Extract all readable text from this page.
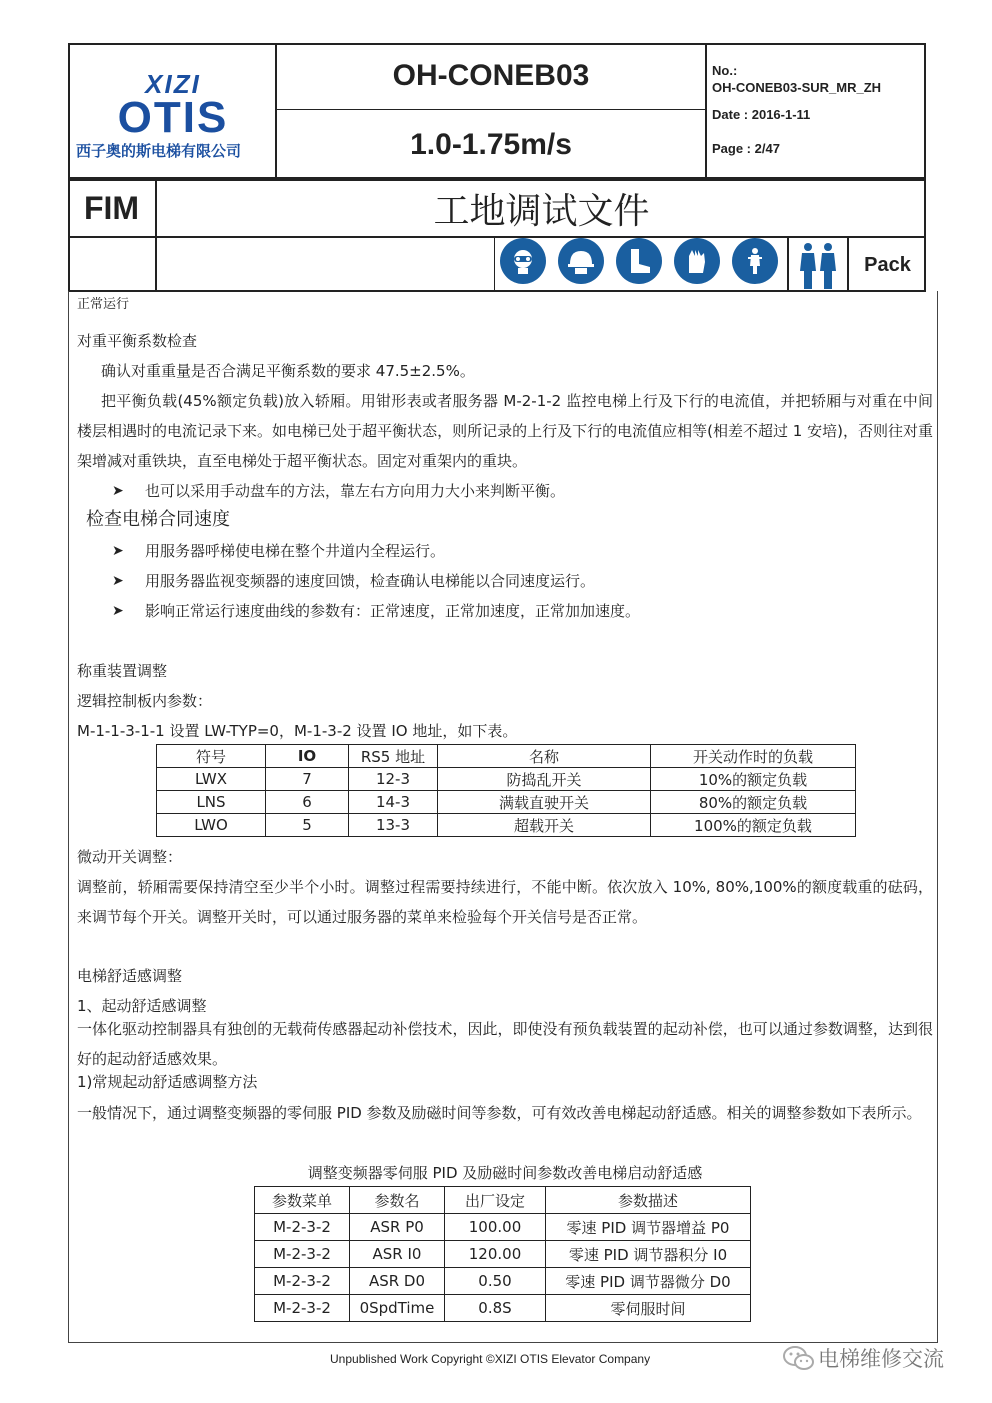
XIZI
OTIS
西子奥的斯电梯有限公司
OH-CONEB03
1.0-1.75m/s
No.:
OH-CONEB03-SUR_MR_ZH
Date : 2016-1-11
Page : 2/47
FIM	工地调试文件
Pack
正常运行
对重平衡系数检查
确认对重重量是否合满足平衡系数的要求 47.5±2.5%。
把平衡负载(45%额定负载)放入轿厢。用钳形表或者服务器 M-2-1-2 监控电梯上行及下行的电流值，并把轿厢与对重在中间楼层相遇时的电流记录下来。如电梯已处于超平衡状态，则所记录的上行及下行的电流值应相等(相差不超过 1 安培)，否则往对重架增减对重铁块，直至电梯处于超平衡状态。固定对重架内的重块。
➤ 也可以采用手动盘车的方法，靠左右方向用力大小来判断平衡。
检查电梯合同速度
➤ 用服务器呼梯使电梯在整个井道内全程运行。
➤ 用服务器监视变频器的速度回馈，检查确认电梯能以合同速度运行。
➤ 影响正常运行速度曲线的参数有：正常速度，正常加速度，正常加加速度。
称重装置调整
逻辑控制板内参数：
M-1-1-3-1-1 设置 LW-TYP=0，M-1-3-2 设置 IO 地址，如下表。
符号	IO	RS5 地址	名称	开关动作时的负载
LWX	7	12-3	防捣乱开关	10%的额定负载
LNS	6	14-3	满载直驶开关	80%的额定负载
LWO	5	13-3	超载开关	100%的额定负载
微动开关调整：
调整前，轿厢需要保持清空至少半个小时。调整过程需要持续进行，不能中断。依次放入 10%, 80%,100%的额度载重的砝码，来调节每个开关。调整开关时，可以通过服务器的菜单来检验每个开关信号是否正常。
电梯舒适感调整
1、起动舒适感调整
一体化驱动控制器具有独创的无载荷传感器起动补偿技术，因此，即使没有预负载装置的起动补偿，也可以通过参数调整，达到很好的起动舒适感效果。
1)常规起动舒适感调整方法
一般情况下，通过调整变频器的零伺服 PID 参数及励磁时间等参数，可有效改善电梯起动舒适感。相关的调整参数如下表所示。
调整变频器零伺服 PID 及励磁时间参数改善电梯启动舒适感
参数菜单	参数名	出厂设定	参数描述
M-2-3-2	ASR P0	100.00	零速 PID 调节器增益 P0
M-2-3-2	ASR I0	120.00	零速 PID 调节器积分 I0
M-2-3-2	ASR D0	0.50	零速 PID 调节器微分 D0
M-2-3-2	0SpdTime	0.8S	零伺服时间
Unpublished Work Copyright ©XIZI OTIS Elevator Company	电梯维修交流
